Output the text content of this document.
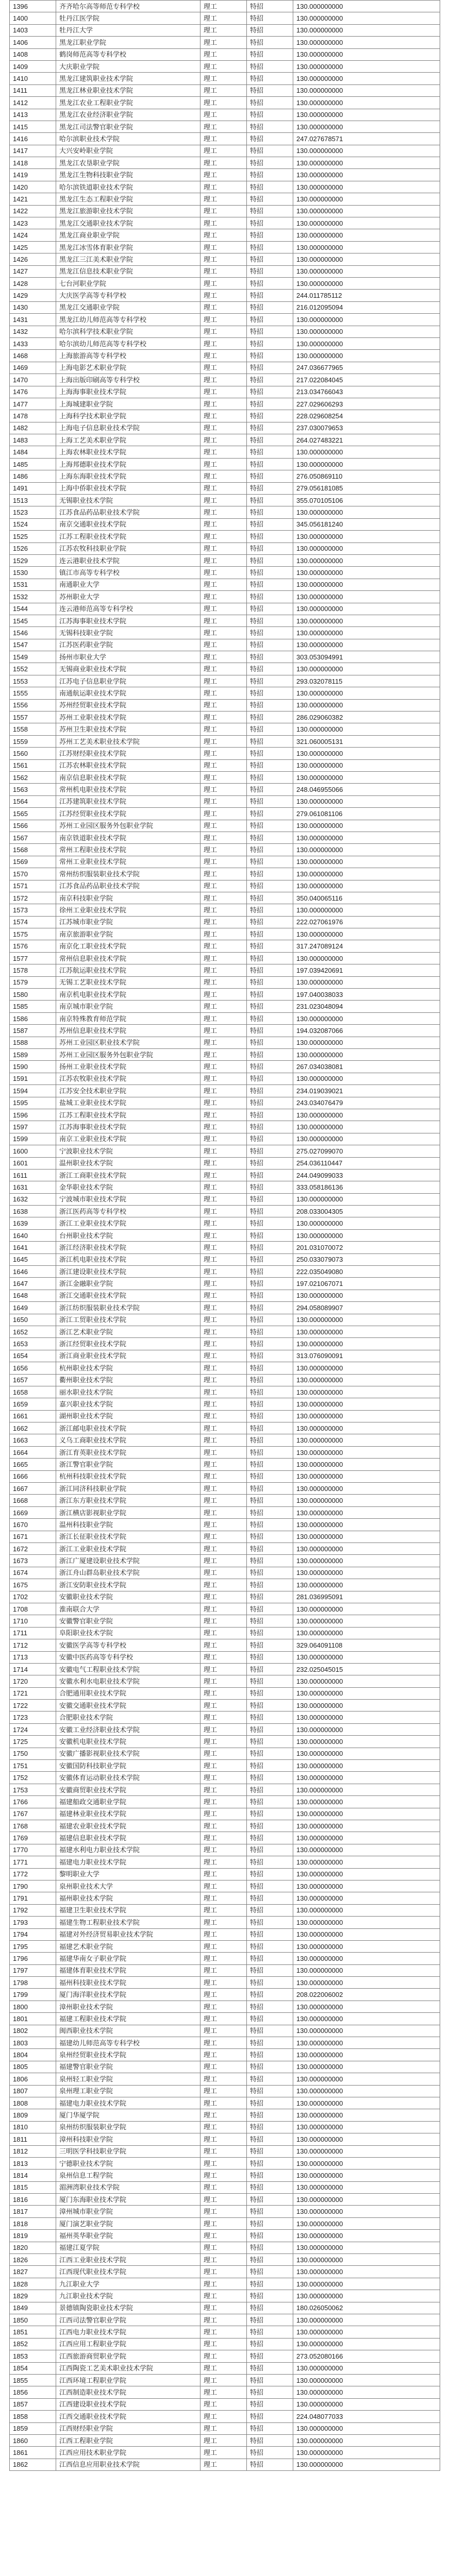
1396	齐齐哈尔高等师范专科学校	理工	特招	130.000000000
1400	牡丹江医学院	理工	特招	130.000000000
1403	牡丹江大学	理工	特招	130.000000000
1406	黑龙江职业学院	理工	特招	130.000000000
1408	鹤岗师范高等专科学校	理工	特招	130.000000000
1409	大庆职业学院	理工	特招	130.000000000
1410	黑龙江建筑职业技术学院	理工	特招	130.000000000
1411	黑龙江林业职业技术学院	理工	特招	130.000000000
1412	黑龙江农业工程职业学院	理工	特招	130.000000000
1413	黑龙江农业经济职业学院	理工	特招	130.000000000
1415	黑龙江司法警官职业学院	理工	特招	130.000000000
1416	哈尔滨职业技术学院	理工	特招	247.027678571
1417	大兴安岭职业学院	理工	特招	130.000000000
1418	黑龙江农垦职业学院	理工	特招	130.000000000
1419	黑龙江生物科技职业学院	理工	特招	130.000000000
1420	哈尔滨铁道职业技术学院	理工	特招	130.000000000
1421	黑龙江生态工程职业学院	理工	特招	130.000000000
1422	黑龙江旅游职业技术学院	理工	特招	130.000000000
1423	黑龙江交通职业技术学院	理工	特招	130.000000000
1424	黑龙江商业职业学院	理工	特招	130.000000000
1425	黑龙江冰雪体育职业学院	理工	特招	130.000000000
1426	黑龙江三江美术职业学院	理工	特招	130.000000000
1427	黑龙江信息技术职业学院	理工	特招	130.000000000
1428	七台河职业学院	理工	特招	130.000000000
1429	大庆医学高等专科学校	理工	特招	244.011785112
1430	黑龙江交通职业学院	理工	特招	216.012095094
1431	黑龙江幼儿师范高等专科学校	理工	特招	130.000000000
1432	哈尔滨科学技术职业学院	理工	特招	130.000000000
1433	哈尔滨幼儿师范高等专科学校	理工	特招	130.000000000
1468	上海旅游高等专科学校	理工	特招	130.000000000
1469	上海电影艺术职业学院	理工	特招	247.036677965
1470	上海出版印刷高等专科学校	理工	特招	217.022084045
1476	上海海事职业技术学院	理工	特招	213.034766043
1477	上海城建职业学院	理工	特招	227.029606293
1478	上海科学技术职业学院	理工	特招	228.029608254
1482	上海电子信息职业技术学院	理工	特招	237.030079653
1483	上海工艺美术职业学院	理工	特招	264.027483221
1484	上海农林职业技术学院	理工	特招	130.000000000
1485	上海邦德职业技术学院	理工	特招	130.000000000
1486	上海东海职业技术学院	理工	特招	276.050869110
1491	上海中侨职业技术学院	理工	特招	279.056181085
1513	无锡职业技术学院	理工	特招	355.070105106
1523	江苏食品药品职业技术学院	理工	特招	130.000000000
1524	南京交通职业技术学院	理工	特招	345.056181240
1525	江苏工程职业技术学院	理工	特招	130.000000000
1526	江苏农牧科技职业学院	理工	特招	130.000000000
1529	连云港职业技术学院	理工	特招	130.000000000
1530	镇江市高等专科学校	理工	特招	130.000000000
1531	南通职业大学	理工	特招	130.000000000
1532	苏州职业大学	理工	特招	130.000000000
1544	连云港师范高等专科学校	理工	特招	130.000000000
1545	江苏海事职业技术学院	理工	特招	130.000000000
1546	无锡科技职业学院	理工	特招	130.000000000
1547	江苏医药职业学院	理工	特招	130.000000000
1549	扬州市职业大学	理工	特招	303.053094991
1552	无锡商业职业技术学院	理工	特招	130.000000000
1553	江苏电子信息职业学院	理工	特招	293.032078115
1555	南通航运职业技术学院	理工	特招	130.000000000
1556	苏州经贸职业技术学院	理工	特招	130.000000000
1557	苏州工业职业技术学院	理工	特招	286.029060382
1558	苏州卫生职业技术学院	理工	特招	130.000000000
1559	苏州工艺美术职业技术学院	理工	特招	321.060005131
1560	江苏财经职业技术学院	理工	特招	130.000000000
1561	江苏农林职业技术学院	理工	特招	130.000000000
1562	南京信息职业技术学院	理工	特招	130.000000000
1563	常州机电职业技术学院	理工	特招	248.046955066
1564	江苏建筑职业技术学院	理工	特招	130.000000000
1565	江苏经贸职业技术学院	理工	特招	279.061081106
1566	苏州工业园区服务外包职业学院	理工	特招	130.000000000
1567	南京铁道职业技术学院	理工	特招	130.000000000
1568	常州工程职业技术学院	理工	特招	130.000000000
1569	常州工业职业技术学院	理工	特招	130.000000000
1570	常州纺织服装职业技术学院	理工	特招	130.000000000
1571	江苏食品药品职业技术学院	理工	特招	130.000000000
1572	南京科技职业学院	理工	特招	350.040065116
1573	徐州工业职业技术学院	理工	特招	130.000000000
1574	江苏城市职业学院	理工	特招	222.027061976
1575	南京旅游职业学院	理工	特招	130.000000000
1576	南京化工职业技术学院	理工	特招	317.247089124
1577	常州信息职业技术学院	理工	特招	130.000000000
1578	江苏航运职业技术学院	理工	特招	197.039420691
1579	无锡工艺职业技术学院	理工	特招	130.000000000
1580	南京机电职业技术学院	理工	特招	197.040038033
1585	南京城市职业学院	理工	特招	231.023048094
1586	南京特殊教育师范学院	理工	特招	130.000000000
1587	苏州信息职业技术学院	理工	特招	194.032087066
1588	苏州工业园区职业技术学院	理工	特招	130.000000000
1589	苏州工业园区服务外包职业学院	理工	特招	130.000000000
1590	扬州工业职业技术学院	理工	特招	267.034038081
1591	江苏农牧职业技术学院	理工	特招	130.000000000
1594	江苏安全技术职业学院	理工	特招	234.019039021
1595	盐城工业职业技术学院	理工	特招	243.034076479
1596	江苏工程职业技术学院	理工	特招	130.000000000
1597	江苏海事职业技术学院	理工	特招	130.000000000
1599	南京工业职业技术学院	理工	特招	130.000000000
1600	宁波职业技术学院	理工	特招	275.027099070
1601	温州职业技术学院	理工	特招	254.036110447
1611	浙江工商职业技术学院	理工	特招	244.049099033
1631	金华职业技术学院	理工	特招	333.058186136
1632	宁波城市职业技术学院	理工	特招	130.000000000
1638	浙江医药高等专科学校	理工	特招	208.033004305
1639	浙江工业职业技术学院	理工	特招	130.000000000
1640	台州职业技术学院	理工	特招	130.000000000
1641	浙江经济职业技术学院	理工	特招	201.031070072
1645	浙江机电职业技术学院	理工	特招	250.033079073
1646	浙江建设职业技术学院	理工	特招	222.035049080
1647	浙江金融职业学院	理工	特招	197.021067071
1648	浙江交通职业技术学院	理工	特招	130.000000000
1649	浙江纺织服装职业技术学院	理工	特招	294.058089907
1650	浙江工贸职业技术学院	理工	特招	130.000000000
1652	浙江艺术职业学院	理工	特招	130.000000000
1653	浙江经贸职业技术学院	理工	特招	130.000000000
1654	浙江商业职业技术学院	理工	特招	313.076090091
1656	杭州职业技术学院	理工	特招	130.000000000
1657	衢州职业技术学院	理工	特招	130.000000000
1658	丽水职业技术学院	理工	特招	130.000000000
1659	嘉兴职业技术学院	理工	特招	130.000000000
1661	湖州职业技术学院	理工	特招	130.000000000
1662	浙江邮电职业技术学院	理工	特招	130.000000000
1663	义乌工商职业技术学院	理工	特招	130.000000000
1664	浙江育英职业技术学院	理工	特招	130.000000000
1665	浙江警官职业学院	理工	特招	130.000000000
1666	杭州科技职业技术学院	理工	特招	130.000000000
1667	浙江同济科技职业学院	理工	特招	130.000000000
1668	浙江东方职业技术学院	理工	特招	130.000000000
1669	浙江横店影视职业学院	理工	特招	130.000000000
1670	温州科技职业学院	理工	特招	130.000000000
1671	浙江长征职业技术学院	理工	特招	130.000000000
1672	浙江工业职业技术学院	理工	特招	130.000000000
1673	浙江广厦建设职业技术学院	理工	特招	130.000000000
1674	浙江舟山群岛职业技术学院	理工	特招	130.000000000
1675	浙江安防职业技术学院	理工	特招	130.000000000
1702	安徽职业技术学院	理工	特招	281.036995091
1708	淮南联合大学	理工	特招	130.000000000
1710	安徽警官职业学院	理工	特招	130.000000000
1711	阜阳职业技术学院	理工	特招	130.000000000
1712	安徽医学高等专科学校	理工	特招	329.064091108
1713	安徽中医药高等专科学校	理工	特招	130.000000000
1714	安徽电气工程职业技术学院	理工	特招	232.025045015
1720	安徽水利水电职业技术学院	理工	特招	130.000000000
1721	合肥通用职业技术学院	理工	特招	130.000000000
1722	安徽交通职业技术学院	理工	特招	130.000000000
1723	合肥职业技术学院	理工	特招	130.000000000
1724	安徽工业经济职业技术学院	理工	特招	130.000000000
1725	安徽机电职业技术学院	理工	特招	130.000000000
1750	安徽广播影视职业技术学院	理工	特招	130.000000000
1751	安徽国防科技职业学院	理工	特招	130.000000000
1752	安徽体育运动职业技术学院	理工	特招	130.000000000
1753	安徽商贸职业技术学院	理工	特招	130.000000000
1766	福建船政交通职业学院	理工	特招	130.000000000
1767	福建林业职业技术学院	理工	特招	130.000000000
1768	福建农业职业技术学院	理工	特招	130.000000000
1769	福建信息职业技术学院	理工	特招	130.000000000
1770	福建水利电力职业技术学院	理工	特招	130.000000000
1771	福建电力职业技术学院	理工	特招	130.000000000
1772	黎明职业大学	理工	特招	130.000000000
1790	泉州职业技术大学	理工	特招	130.000000000
1791	福州职业技术学院	理工	特招	130.000000000
1792	福建卫生职业技术学院	理工	特招	130.000000000
1793	福建生物工程职业技术学院	理工	特招	130.000000000
1794	福建对外经济贸易职业技术学院	理工	特招	130.000000000
1795	福建艺术职业学院	理工	特招	130.000000000
1796	福建华南女子职业学院	理工	特招	130.000000000
1797	福建体育职业技术学院	理工	特招	130.000000000
1798	福州科技职业技术学院	理工	特招	130.000000000
1799	厦门海洋职业技术学院	理工	特招	208.022006002
1800	漳州职业技术学院	理工	特招	130.000000000
1801	福建工程职业技术学院	理工	特招	130.000000000
1802	闽西职业技术学院	理工	特招	130.000000000
1803	福建幼儿师范高等专科学校	理工	特招	130.000000000
1804	泉州经贸职业技术学院	理工	特招	130.000000000
1805	福建警官职业学院	理工	特招	130.000000000
1806	泉州轻工职业学院	理工	特招	130.000000000
1807	泉州理工职业学院	理工	特招	130.000000000
1808	福建电力职业技术学院	理工	特招	130.000000000
1809	厦门华厦学院	理工	特招	130.000000000
1810	泉州纺织服装职业学院	理工	特招	130.000000000
1811	漳州科技职业学院	理工	特招	130.000000000
1812	三明医学科技职业学院	理工	特招	130.000000000
1813	宁德职业技术学院	理工	特招	130.000000000
1814	泉州信息工程学院	理工	特招	130.000000000
1815	湄洲湾职业技术学院	理工	特招	130.000000000
1816	厦门东海职业技术学院	理工	特招	130.000000000
1817	漳州城市职业学院	理工	特招	130.000000000
1818	厦门演艺职业学院	理工	特招	130.000000000
1819	福州英华职业学院	理工	特招	130.000000000
1820	福建江夏学院	理工	特招	130.000000000
1826	江西工业职业技术学院	理工	特招	130.000000000
1827	江西现代职业技术学院	理工	特招	130.000000000
1828	九江职业大学	理工	特招	130.000000000
1829	九江职业技术学院	理工	特招	130.000000000
1849	景德镇陶瓷职业技术学院	理工	特招	180.026050062
1850	江西司法警官职业学院	理工	特招	130.000000000
1851	江西电力职业技术学院	理工	特招	130.000000000
1852	江西应用工程职业学院	理工	特招	130.000000000
1853	江西旅游商贸职业学院	理工	特招	273.052080166
1854	江西陶瓷工艺美术职业技术学院	理工	特招	130.000000000
1855	江西环境工程职业学院	理工	特招	130.000000000
1856	江西制造职业技术学院	理工	特招	130.000000000
1857	江西建设职业技术学院	理工	特招	130.000000000
1858	江西交通职业技术学院	理工	特招	224.048077033
1859	江西财经职业学院	理工	特招	130.000000000
1860	江西工程职业学院	理工	特招	130.000000000
1861	江西应用技术职业学院	理工	特招	130.000000000
1862	江西信息应用职业技术学院	理工	特招	130.000000000
